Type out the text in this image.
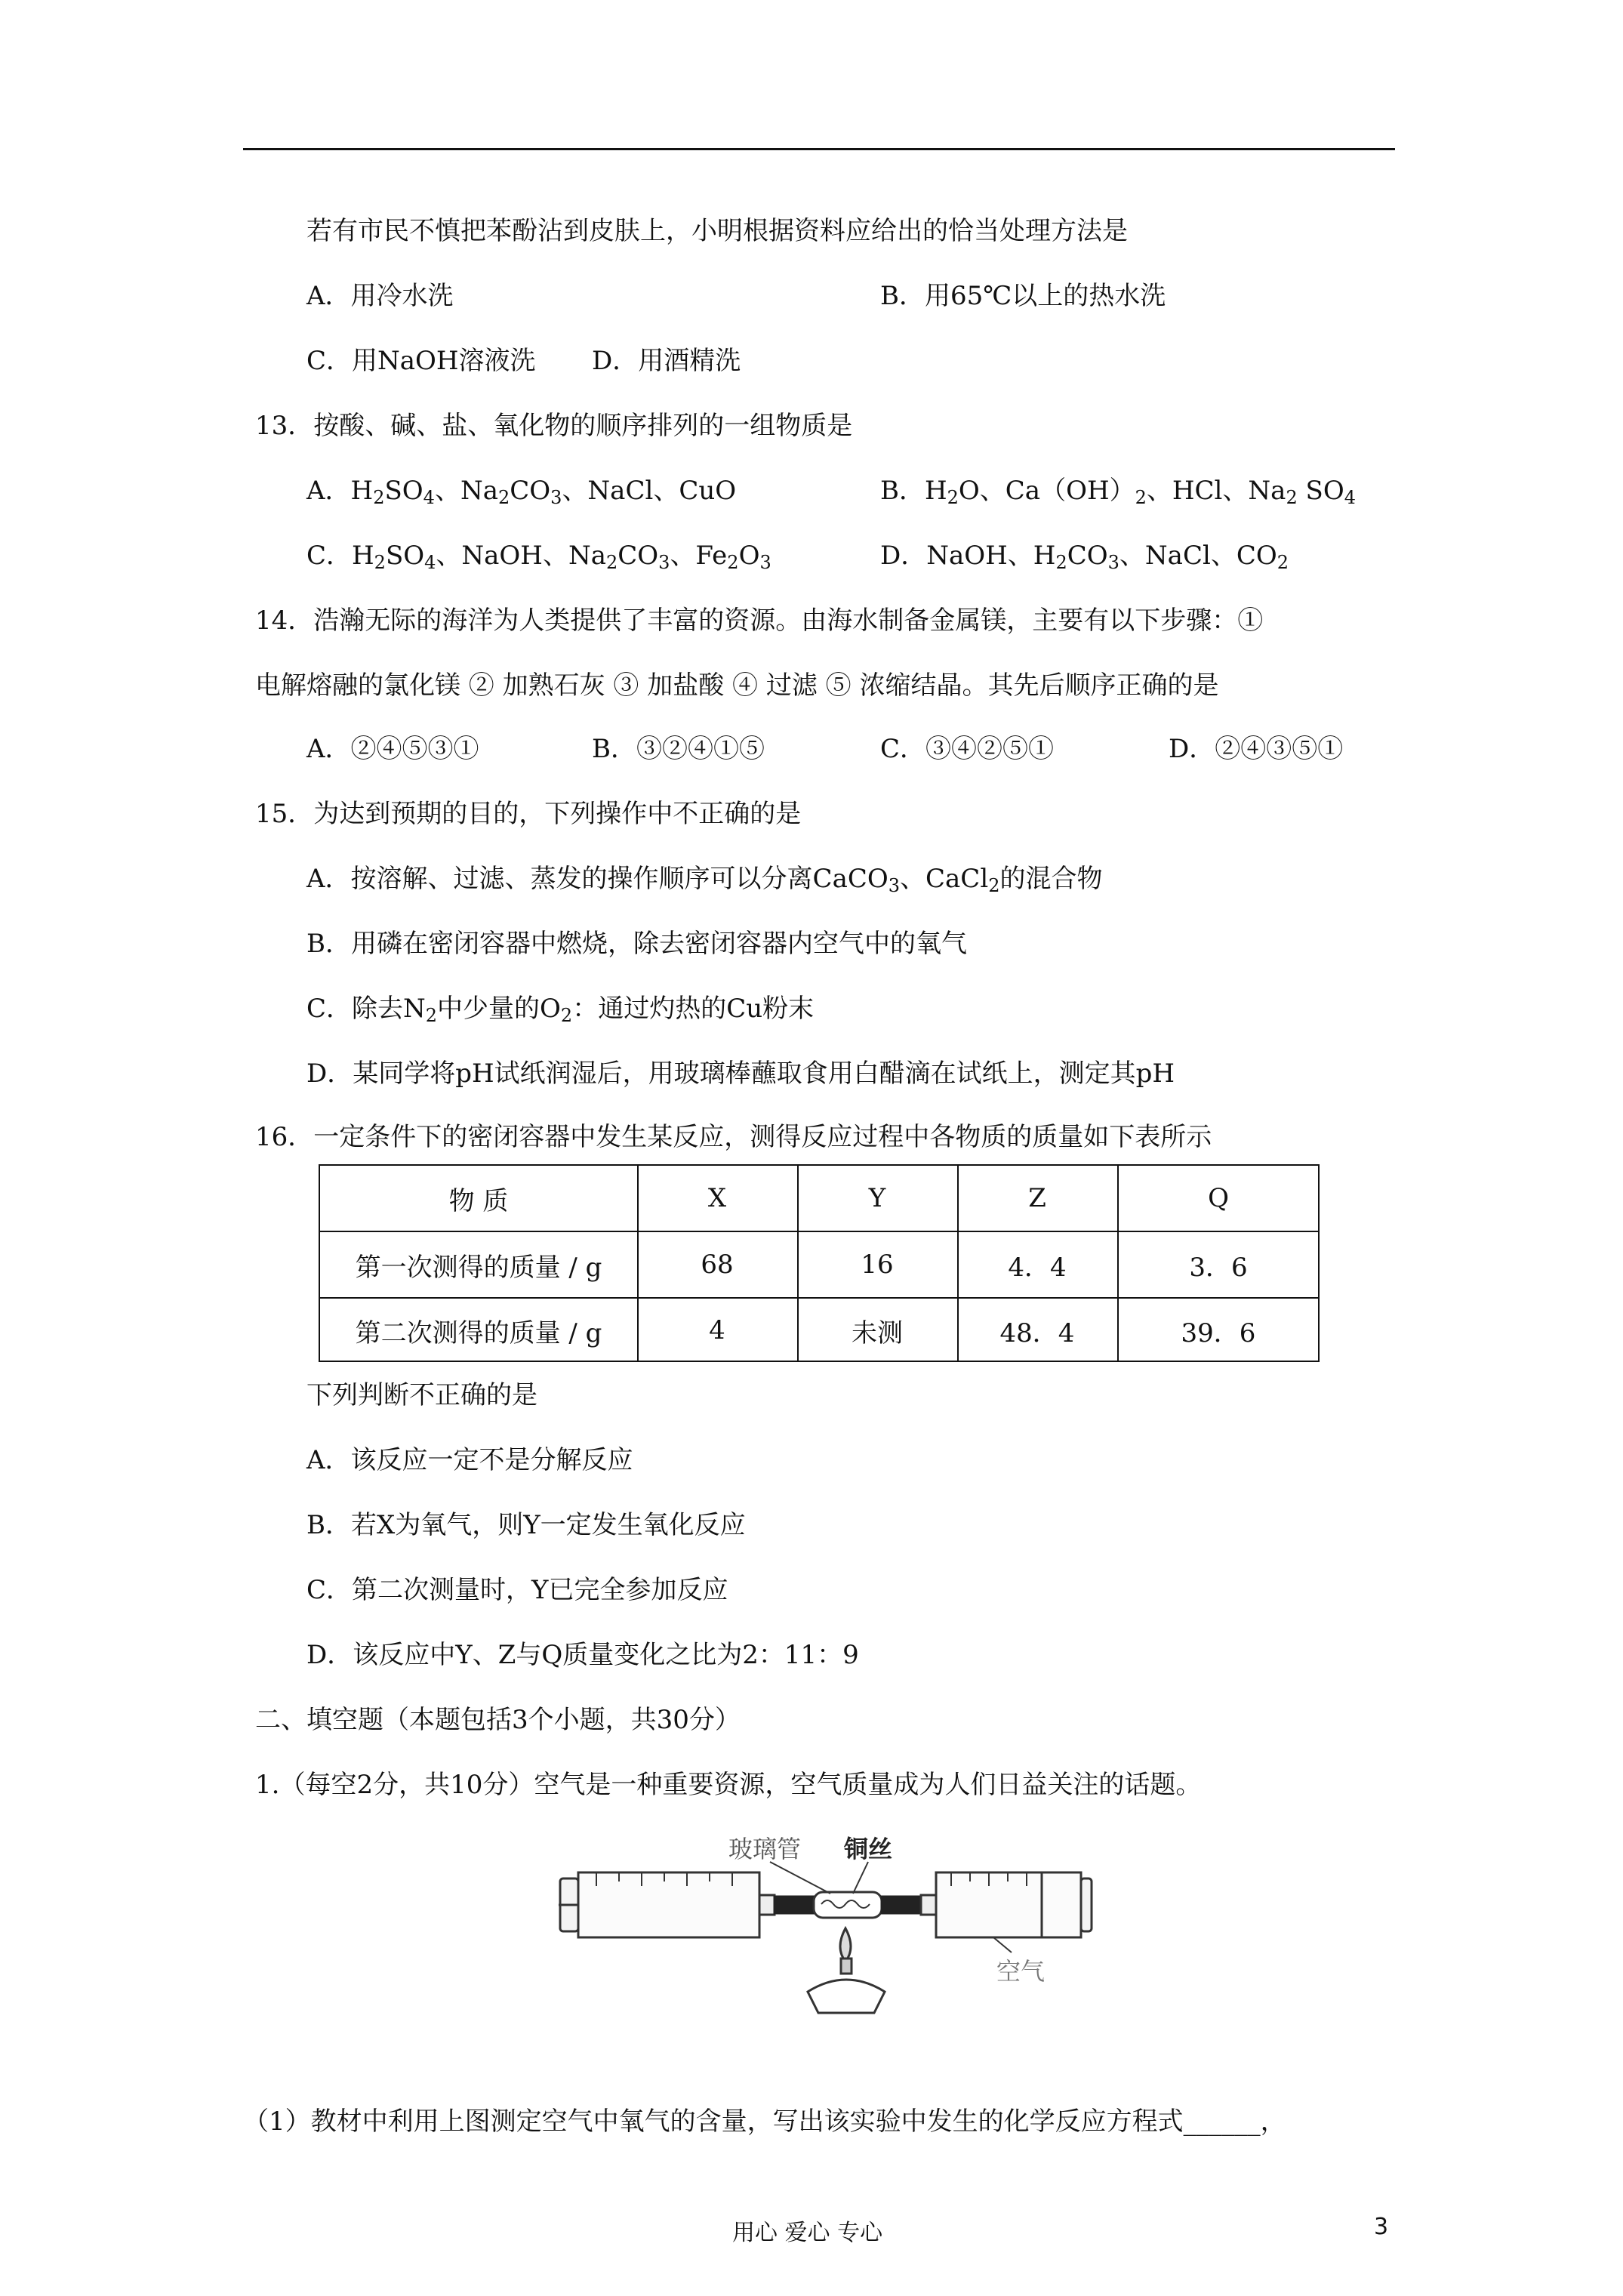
若有市民不慎把苯酚沾到皮肤上，小明根据资料应给出的恰当处理方法是
A．用冷水洗	B．用65℃以上的热水洗
C．用NaOH溶液洗 D．用酒精洗
13．按酸、碱、盐、氧化物的顺序排列的一组物质是
A．$H_2SO_4$、$Na_2CO_3$、NaCl、CuO	B．$H_2O$、$Ca(OH)_2$、HCl、$Na_2$ $SO_4$
C．$H_2SO_4$、NaOH、$Na_2CO_3$、$Fe_2O_3$	D．NaOH、$H_2CO_3$、NaCl、$CO_2$
14．浩瀚无际的海洋为人类提供了丰富的资源。由海水制备金属镁，主要有以下步骤：①
电解熔融的氯化镁 ② 加熟石灰 ③ 加盐酸 ④ 过滤 ⑤ 浓缩结晶。其先后顺序正确的是
A．②④⑤③①	B．③②④①⑤	C．③④②⑤①	D．②④③⑤①
15．为达到预期的目的，下列操作中不正确的是
A．按溶解、过滤、蒸发的操作顺序可以分离CaCO$_3$、CaCl$_2$的混合物
B．用磷在密闭容器中燃烧，除去密闭容器内空气中的氧气
C．除去$N_2$中少量的$O_2$：通过灼热的Cu粉末
D．某同学将pH试纸润湿后，用玻璃棒蘸取食用白醋滴在试纸上，测定其pH
16．一定条件下的密闭容器中发生某反应，测得反应过程中各物质的质量如下表所示
物 质	X	Y	Z	Q
第一次测得的质量 / g	68	16	4．4	3．6
第二次测得的质量 / g	4	未测	48．4	39．6
下列判断不正确的是
A．该反应一定不是分解反应
B．若X为氧气，则Y一定发生氧化反应
C．第二次测量时，Y已完全参加反应
D．该反应中Y、Z与Q质量变化之比为2：11：9
二、填空题（本题包括3个小题，共30分）
1.（每空2分，共10分）空气是一种重要资源，空气质量成为人们日益关注的话题。
玻璃管 铜丝
空气
（1）教材中利用上图测定空气中氧气的含量，写出该实验中发生的化学反应方程式______，
用心 爱心 专心	3
